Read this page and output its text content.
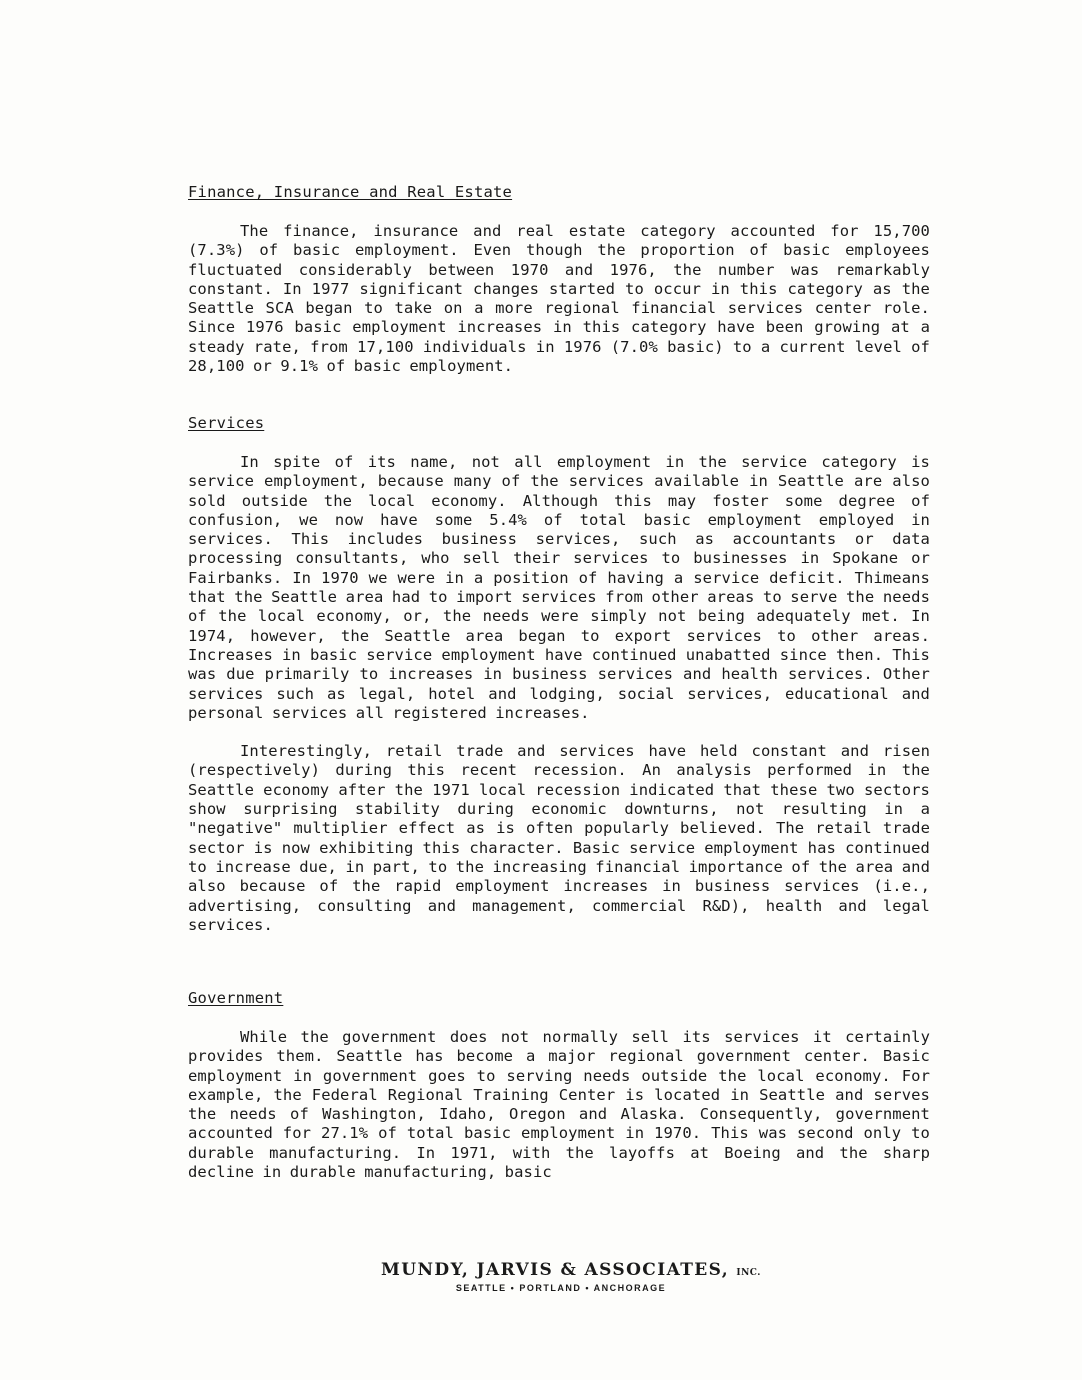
Finance, Insurance and Real Estate

The finance, insurance and real estate category accounted for 15,700 (7.3%) of basic employment. Even though the proportion of basic employees fluctuated considerably between 1970 and 1976, the number was remarkably constant. In 1977 significant changes started to occur in this category as the Seattle SCA began to take on a more regional financial services center role. Since 1976 basic employment increases in this category have been growing at a steady rate, from 17,100 individuals in 1976 (7.0% basic) to a current level of 28,100 or 9.1% of basic employment.

Services

In spite of its name, not all employment in the service category is service employment, because many of the services available in Seattle are also sold outside the local economy. Although this may foster some degree of confusion, we now have some 5.4% of total basic employment employed in services. This includes business services, such as accountants or data processing consultants, who sell their services to businesses in Spokane or Fairbanks. In 1970 we were in a position of having a service deficit. Thimeans that the Seattle area had to import services from other areas to serve the needs of the local economy, or, the needs were simply not being adequately met. In 1974, however, the Seattle area began to export services to other areas. Increases in basic service employment have continued unabatted since then. This was due primarily to increases in business services and health services. Other services such as legal, hotel and lodging, social services, educational and personal services all registered increases.

Interestingly, retail trade and services have held constant and risen (respectively) during this recent recession. An analysis performed in the Seattle economy after the 1971 local recession indicated that these two sectors show surprising stability during economic downturns, not resulting in a "negative" multiplier effect as is often popularly believed. The retail trade sector is now exhibiting this character. Basic service employment has continued to increase due, in part, to the increasing financial importance of the area and also because of the rapid employment increases in business services (i.e., advertising, consulting and management, commercial R&D), health and legal services.

Government

While the government does not normally sell its services it certainly provides them. Seattle has become a major regional government center. Basic employment in government goes to serving needs outside the local economy. For example, the Federal Regional Training Center is located in Seattle and serves the needs of Washington, Idaho, Oregon and Alaska. Consequently, government accounted for 27.1% of total basic employment in 1970. This was second only to durable manufacturing. In 1971, with the layoffs at Boeing and the sharp decline in durable manufacturing, basic

MUNDY, JARVIS & ASSOCIATES, INC.

SEATTLE • PORTLAND • ANCHORAGE
